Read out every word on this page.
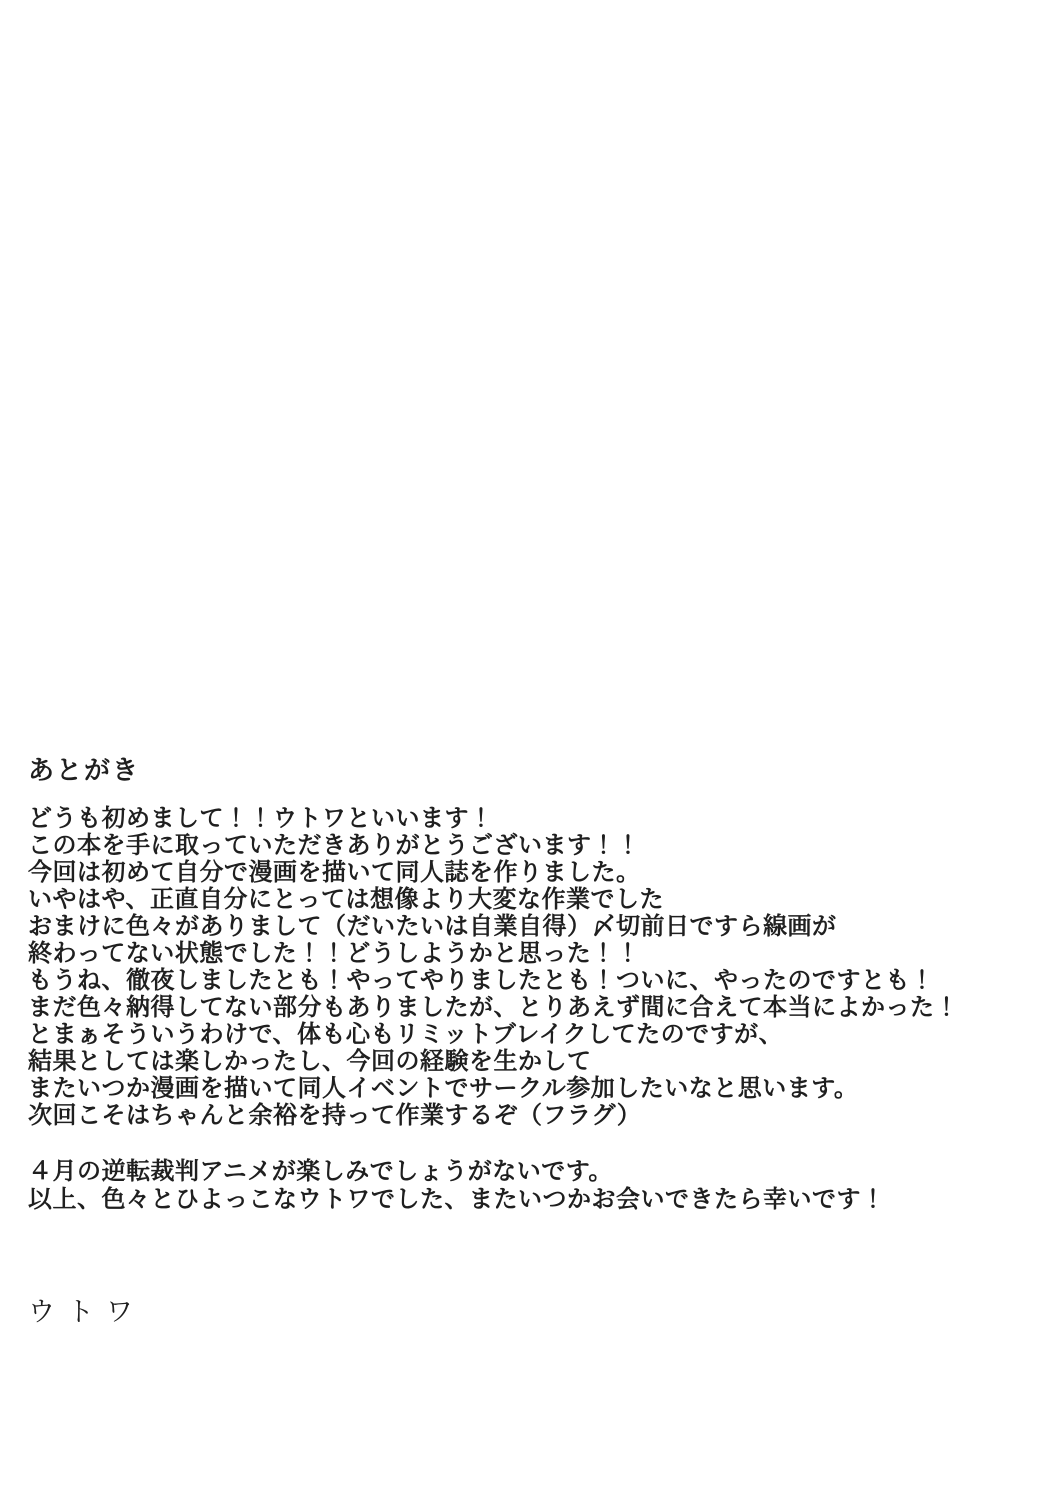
あとがき
どうも初めまして！！ウトワといいます！
この本を手に取っていただきありがとうございます！！
今回は初めて自分で漫画を描いて同人誌を作りました。
いやはや、正直自分にとっては想像より大変な作業でした
おまけに色々がありまして（だいたいは自業自得）〆切前日ですら線画が
終わってない状態でした！！どうしようかと思った！！
もうね、徹夜しましたとも！やってやりましたとも！ついに、やったのですとも！
まだ色々納得してない部分もありましたが、とりあえず間に合えて本当によかった！
とまぁそういうわけで、体も心もリミットブレイクしてたのですが、
結果としては楽しかったし、今回の経験を生かして
またいつか漫画を描いて同人イベントでサークル参加したいなと思います。
次回こそはちゃんと余裕を持って作業するぞ（フラグ）
４月の逆転裁判アニメが楽しみでしょうがないです。
以上、色々とひよっこなウトワでした、またいつかお会いできたら幸いです！
ウトワ
